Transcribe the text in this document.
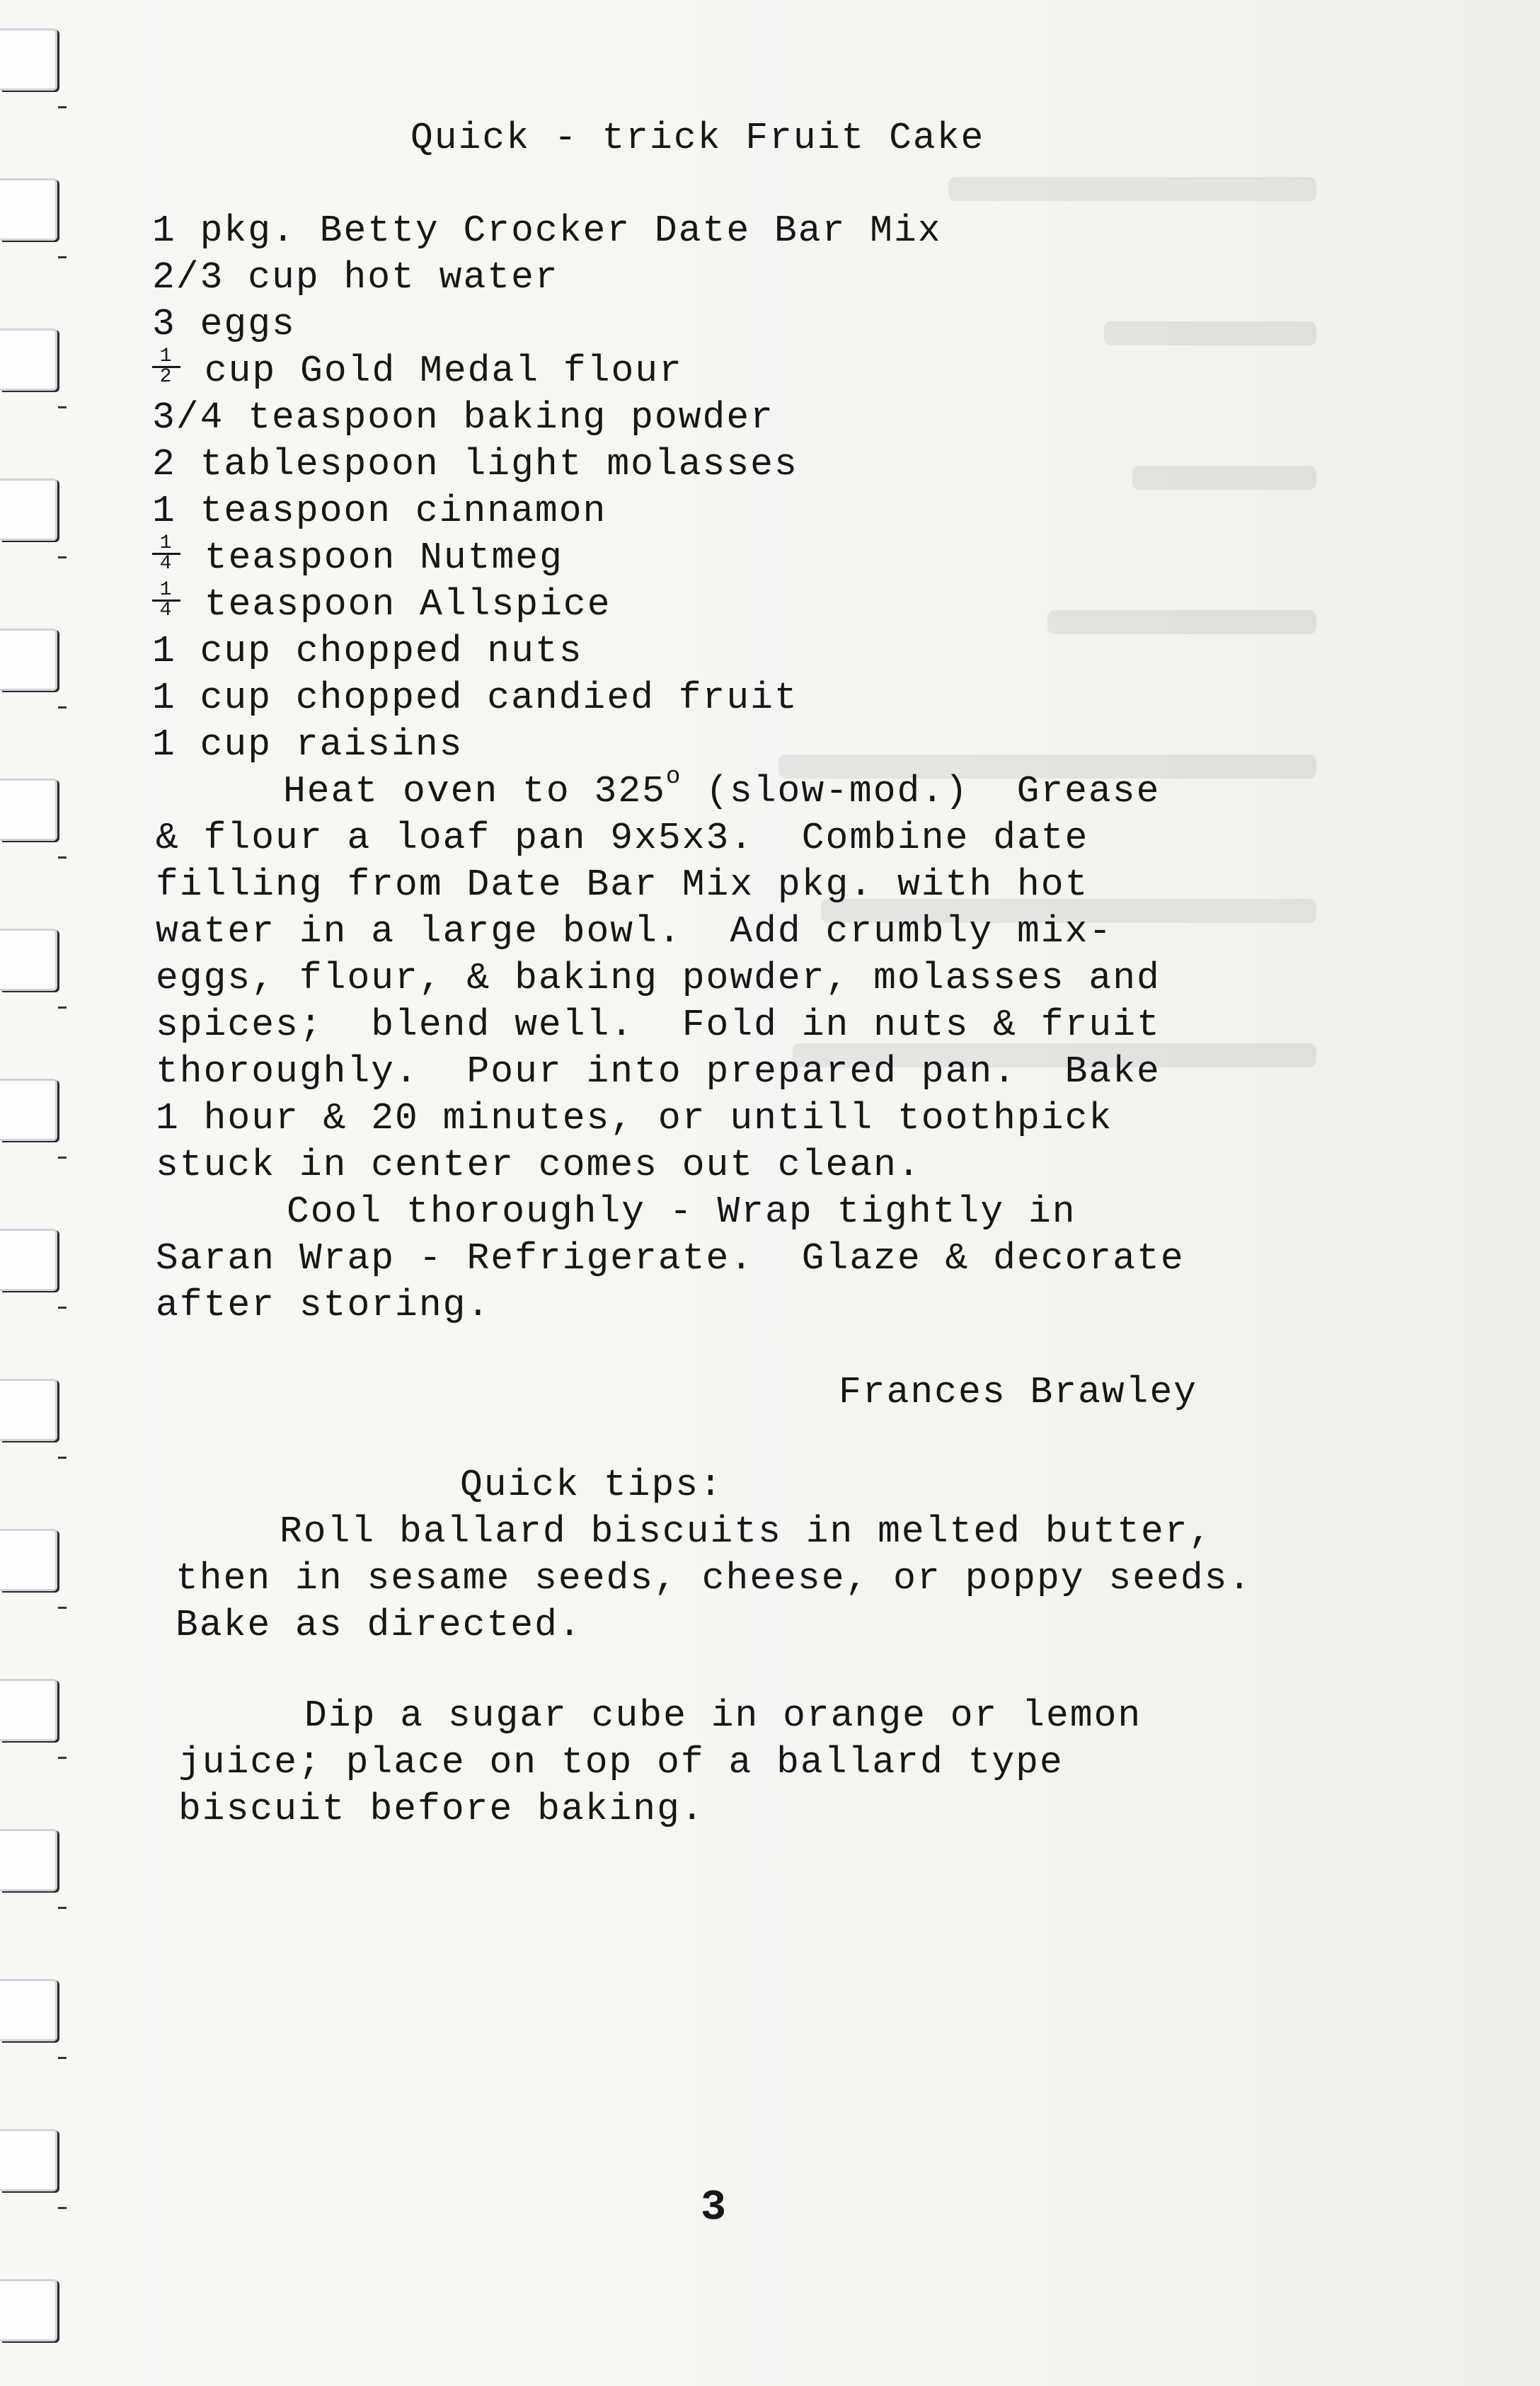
Quick - trick Fruit Cake
1 pkg. Betty Crocker Date Bar Mix
2/3 cup hot water
3 eggs
$\frac{1}{2}$ cup Gold Medal flour
3/4 teaspoon baking powder
2 tablespoon light molasses
1 teaspoon cinnamon
$\frac{1}{4}$ teaspoon Nutmeg
$\frac{1}{4}$ teaspoon Allspice
1 cup chopped nuts
1 cup chopped candied fruit
1 cup raisins
Heat oven to 325$^o$ (slow-mod.)  Grease
& flour a loaf pan 9x5x3.  Combine date
filling from Date Bar Mix pkg. with hot
water in a large bowl.  Add crumbly mix-
eggs, flour, & baking powder, molasses and
spices;  blend well.  Fold in nuts & fruit
thoroughly.  Pour into prepared pan.  Bake
1 hour & 20 minutes, or untill toothpick
stuck in center comes out clean.
Cool thoroughly - Wrap tightly in
Saran Wrap - Refrigerate.  Glaze & decorate
after storing.
Frances Brawley
Quick tips:
Roll ballard biscuits in melted butter,
then in sesame seeds, cheese, or poppy seeds.
Bake as directed.
Dip a sugar cube in orange or lemon
juice; place on top of a ballard type
biscuit before baking.
3
